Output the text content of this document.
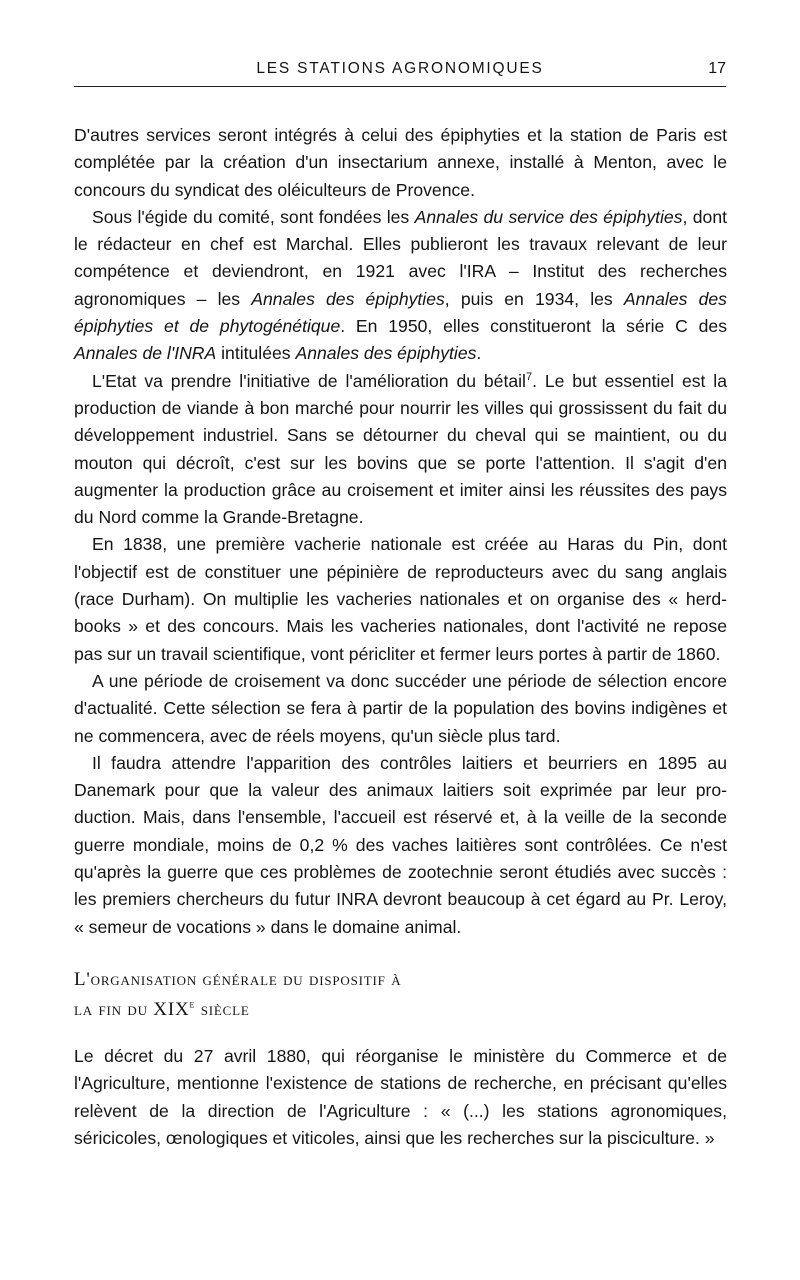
LES STATIONS AGRONOMIQUES	17

D'autres services seront intégrés à celui des épiphyties et la station de Paris est complétée par la création d'un insectarium annexe, installé à Menton, avec le concours du syndicat des oléiculteurs de Provence.

Sous l'égide du comité, sont fondées les Annales du service des épiphyties, dont le rédacteur en chef est Marchal. Elles publieront les travaux relevant de leur compétence et deviendront, en 1921 avec l'IRA – Institut des recherches agronomiques – les Annales des épiphyties, puis en 1934, les Annales des épiphyties et de phytogénétique. En 1950, elles constitueront la série C des Annales de l'INRA intitulées Annales des épiphyties.

L'Etat va prendre l'initiative de l'amélioration du bétail$^7$. Le but essentiel est la production de viande à bon marché pour nourrir les villes qui grossissent du fait du développement industriel. Sans se détourner du cheval qui se maintient, ou du mouton qui décroît, c'est sur les bovins que se porte l'attention. Il s'agit d'en augmenter la production grâce au croisement et imiter ainsi les réussites des pays du Nord comme la Grande-Bretagne.

En 1838, une première vacherie nationale est créée au Haras du Pin, dont l'objectif est de constituer une pépinière de reproducteurs avec du sang anglais (race Durham). On multiplie les vacheries nationales et on organise des « herd-books » et des concours. Mais les vacheries nationales, dont l'activité ne repose pas sur un travail scientifique, vont péricliter et fermer leurs portes à partir de 1860.

A une période de croisement va donc succéder une période de sélection encore d'actualité. Cette sélection se fera à partir de la population des bovins indigènes et ne commencera, avec de réels moyens, qu'un siècle plus tard.

Il faudra attendre l'apparition des contrôles laitiers et beurriers en 1895 au Danemark pour que la valeur des animaux laitiers soit exprimée par leur production. Mais, dans l'ensemble, l'accueil est réservé et, à la veille de la seconde guerre mondiale, moins de 0,2 % des vaches laitières sont contrôlées. Ce n'est qu'après la guerre que ces problèmes de zootechnie seront étudiés avec succès : les premiers chercheurs du futur INRA devront beaucoup à cet égard au Pr. Leroy, « semeur de vocations » dans le domaine animal.

L'organisation générale du dispositif à
la fin du XIXe siècle

Le décret du 27 avril 1880, qui réorganise le ministère du Commerce et de l'Agriculture, mentionne l'existence de stations de recherche, en précisant qu'elles relèvent de la direction de l'Agriculture : « (...) les stations agronomiques, séricicoles, œnologiques et viticoles, ainsi que les recherches sur la pisciculture. »
